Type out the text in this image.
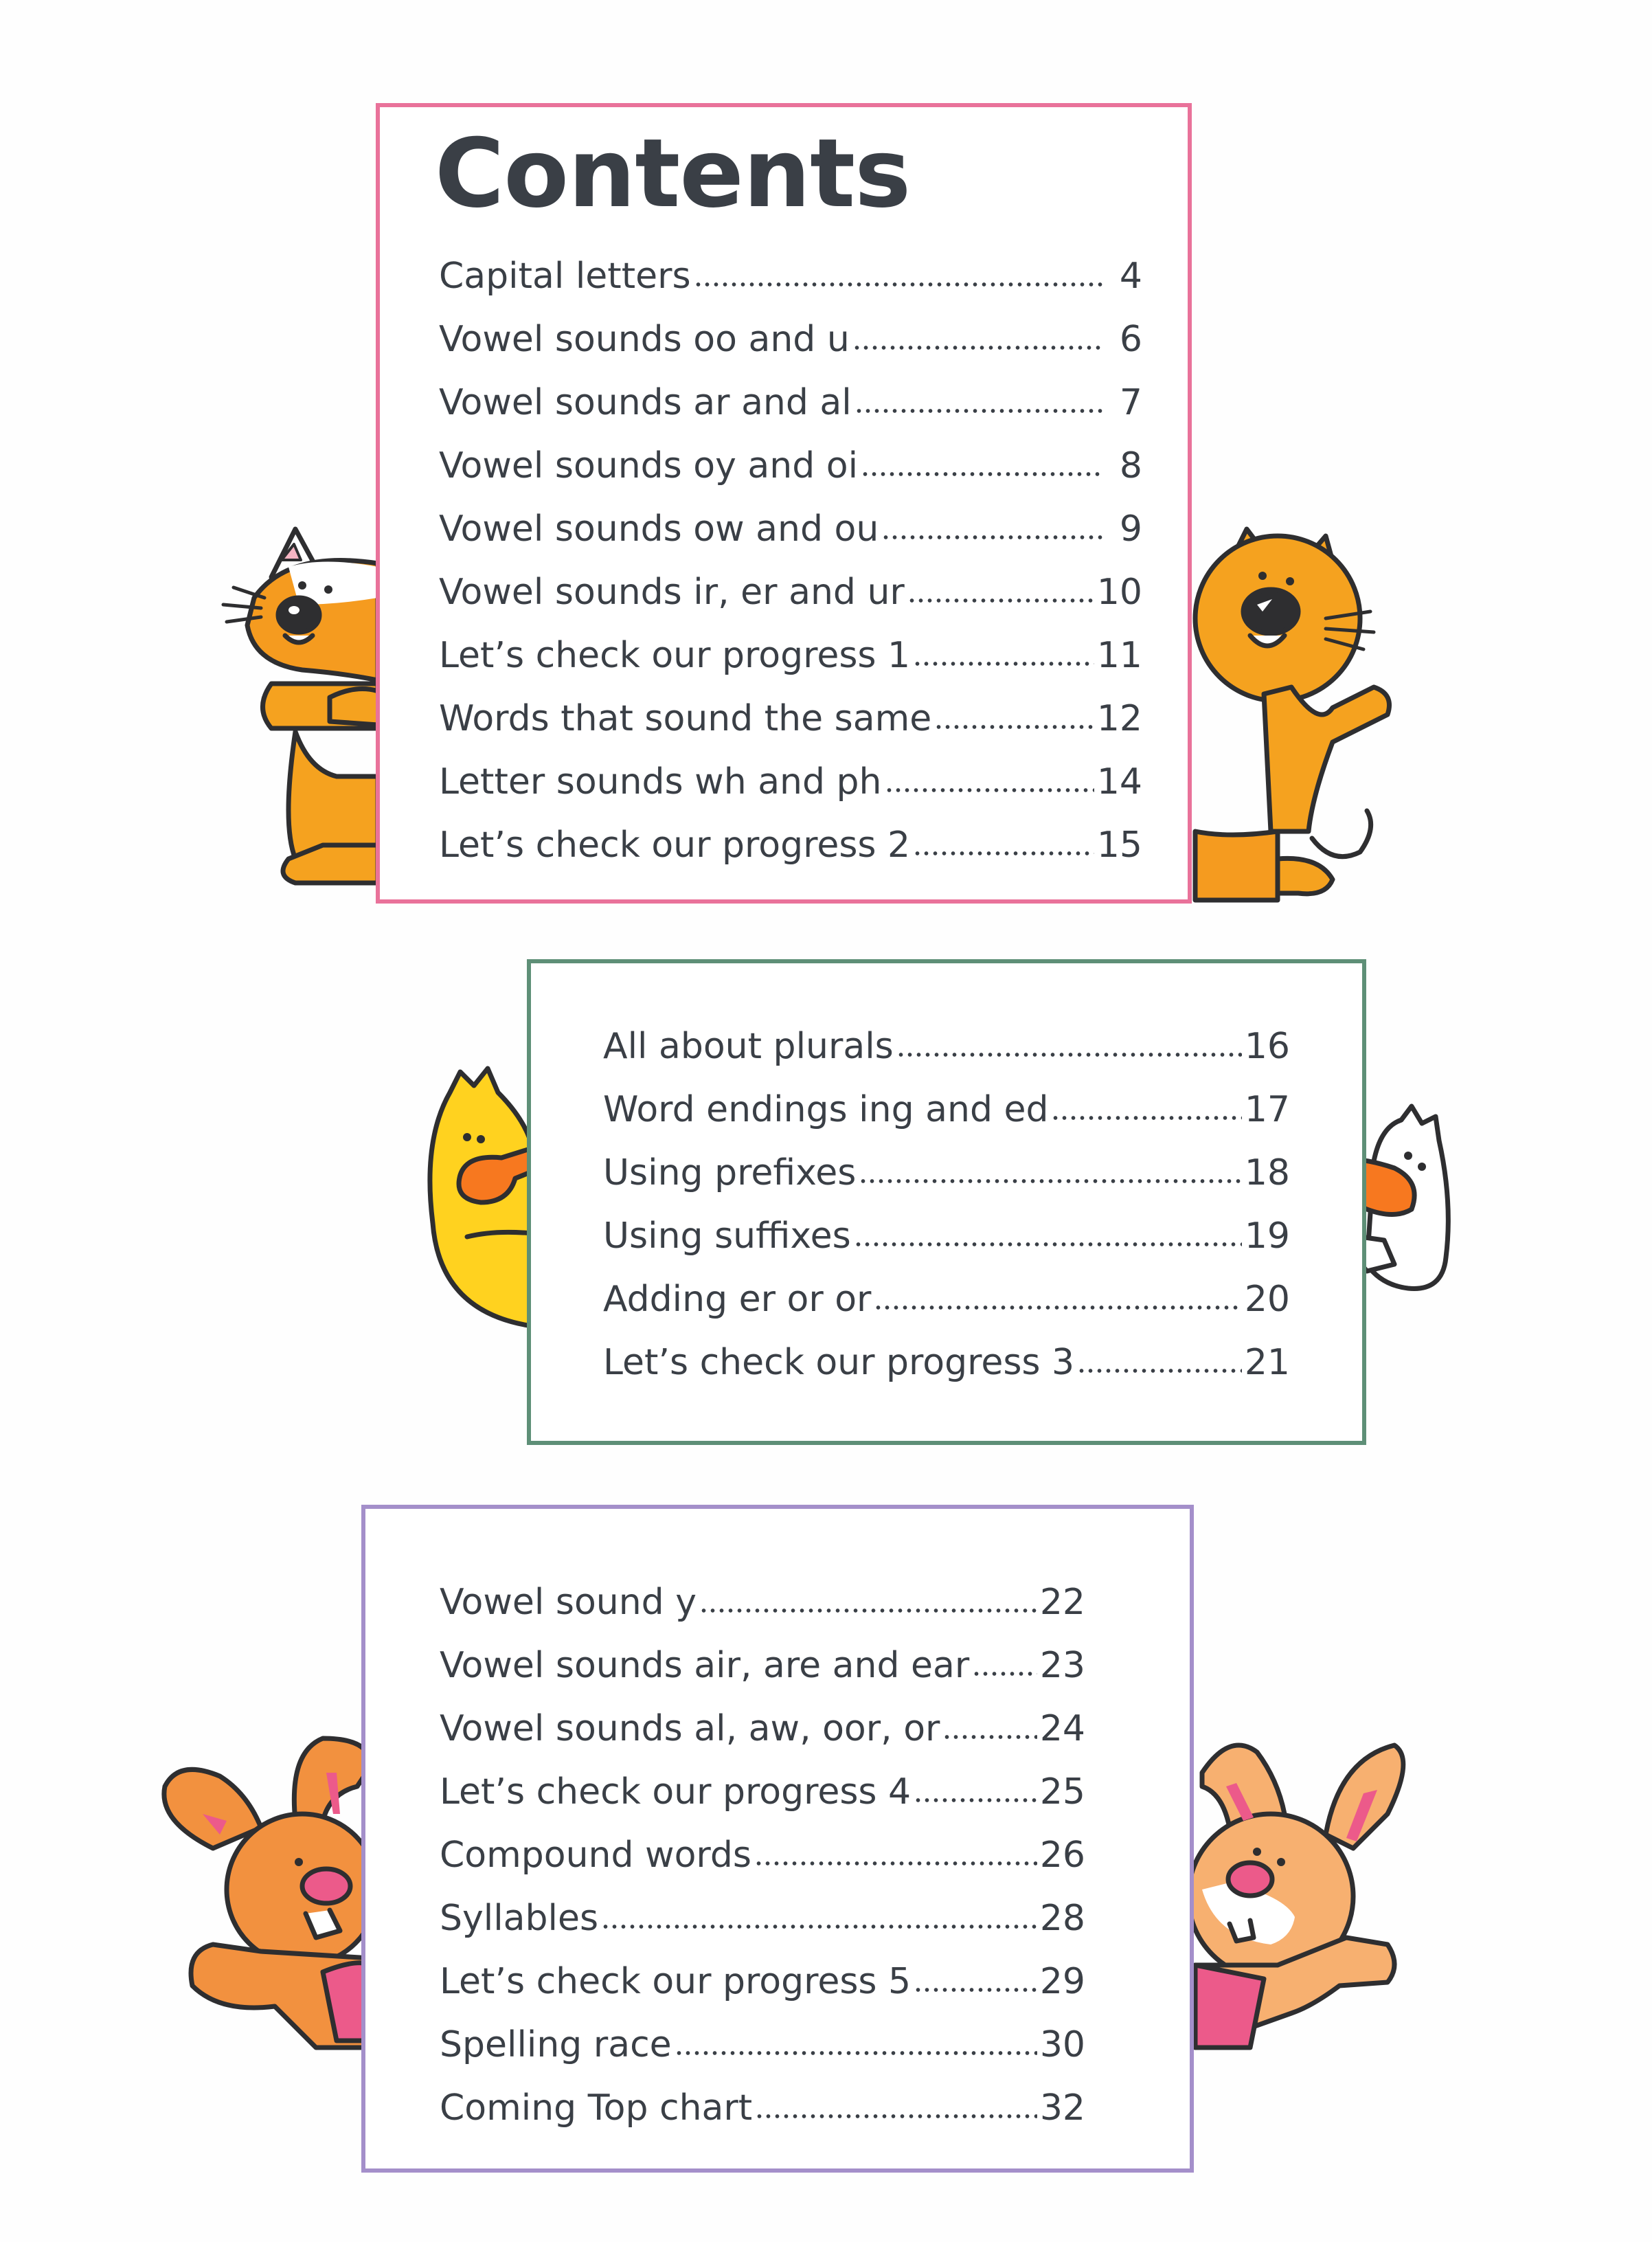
Contents
Capital letters	4
Vowel sounds oo and u	6
Vowel sounds ar and al	7
Vowel sounds oy and oi	8
Vowel sounds ow and ou	9
Vowel sounds ir, er and ur	10
Let’s check our progress 1	11
Words that sound the same	12
Letter sounds wh and ph	14
Let’s check our progress 2	15
All about plurals	16
Word endings ing and ed	17
Using prefixes	18
Using suffixes	19
Adding er or or	20
Let’s check our progress 3	21
Vowel sound y	22
Vowel sounds air, are and ear 23
Vowel sounds al, aw, oor, or	24
Let’s check our progress 4	25
Compound words	26
Syllables	28
Let’s check our progress 5	29
Spelling race	30
Coming Top chart	32
